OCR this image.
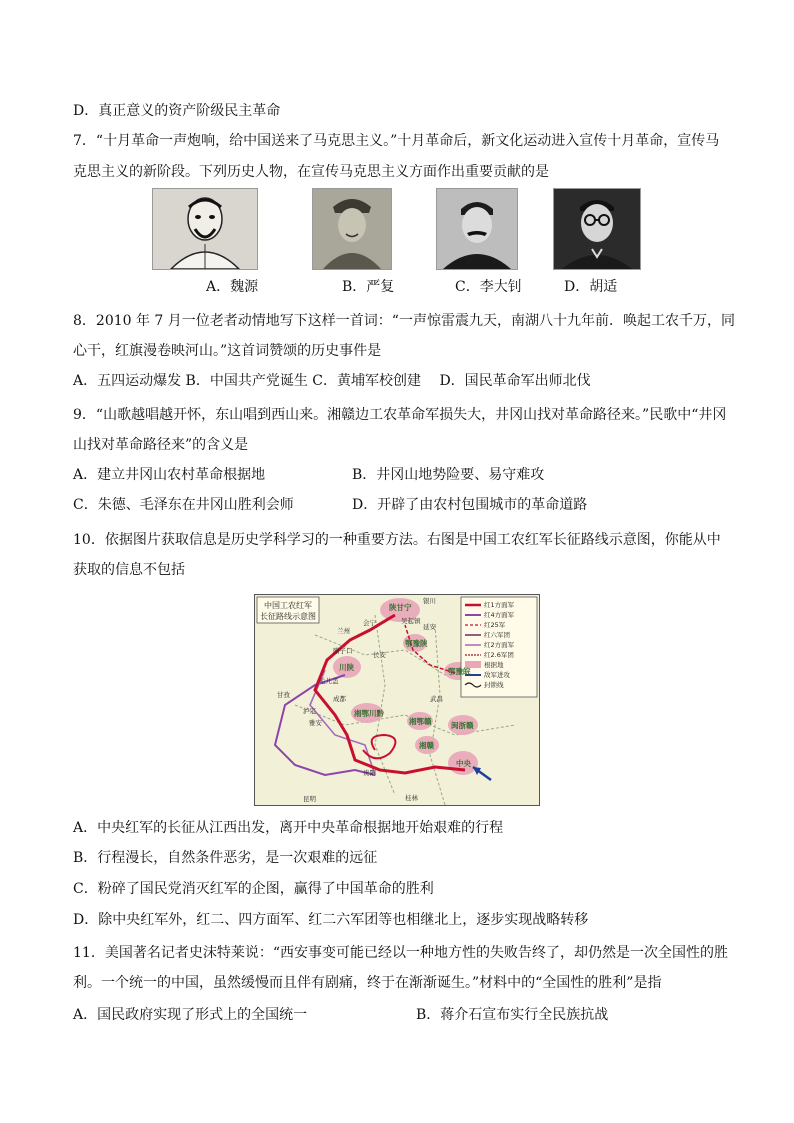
D．真正意义的资产阶级民主革命
7．“十月革命一声炮响，给中国送来了马克思主义。”十月革命后，新文化运动进入宣传十月革命，宣传马
克思主义的新阶段。下列历史人物，在宣传马克思主义方面作出重要贡献的是
A．魏源	B．严复	C．李大钊	D．胡适
8．2010 年 7 月一位老者动情地写下这样一首词：“一声惊雷震九天，南湖八十九年前．唤起工农千万，同
心干，红旗漫卷映河山。”这首词赞颂的历史事件是
A．五四运动爆发 B．中国共产党诞生 C．黄埔军校创建　 D．国民革命军出师北伐
9．“山歌越唱越开怀，东山唱到西山来。湘赣边工农革命军损失大，井冈山找对革命路径来。”民歌中“井冈
山找对革命路径来”的含义是
A．建立井冈山农村革命根据地	B．井冈山地势险要、易守难攻
C．朱德、毛泽东在井冈山胜利会师	D．开辟了由农村包围城市的革命道路
10．依据图片获取信息是历史学科学习的一种重要方法。右图是中国工农红军长征路线示意图，你能从中
获取的信息不包括
中国工农红军
长征路线示意图
红1方面军
红4方面军
红25军
红六军团
红2方面军
红2.6军团
根据地
敌军进攻
封锁线
陕甘宁
鄂豫陕
川陕
湘鄂川黔
湘鄂赣	闽浙赣
鄂豫皖
湘赣
中央
银川
吴起镇
延安
兰州
会宁
长安
腊子口
毛儿盖
甘孜	成都
泸定
贵阳
昆明	桂林
武昌
雅安
A．中央红军的长征从江西出发，离开中央革命根据地开始艰难的行程
B．行程漫长，自然条件恶劣，是一次艰难的远征
C．粉碎了国民党消灭红军的企图，赢得了中国革命的胜利
D．除中央红军外，红二、四方面军、红二六军团等也相继北上，逐步实现战略转移
11．美国著名记者史沫特莱说：“西安事变可能已经以一种地方性的失败告终了，却仍然是一次全国性的胜
利。一个统一的中国，虽然缓慢而且伴有剧痛，终于在渐渐诞生。”材料中的“全国性的胜利”是指
A．国民政府实现了形式上的全国统一	B．蒋介石宣布实行全民族抗战
